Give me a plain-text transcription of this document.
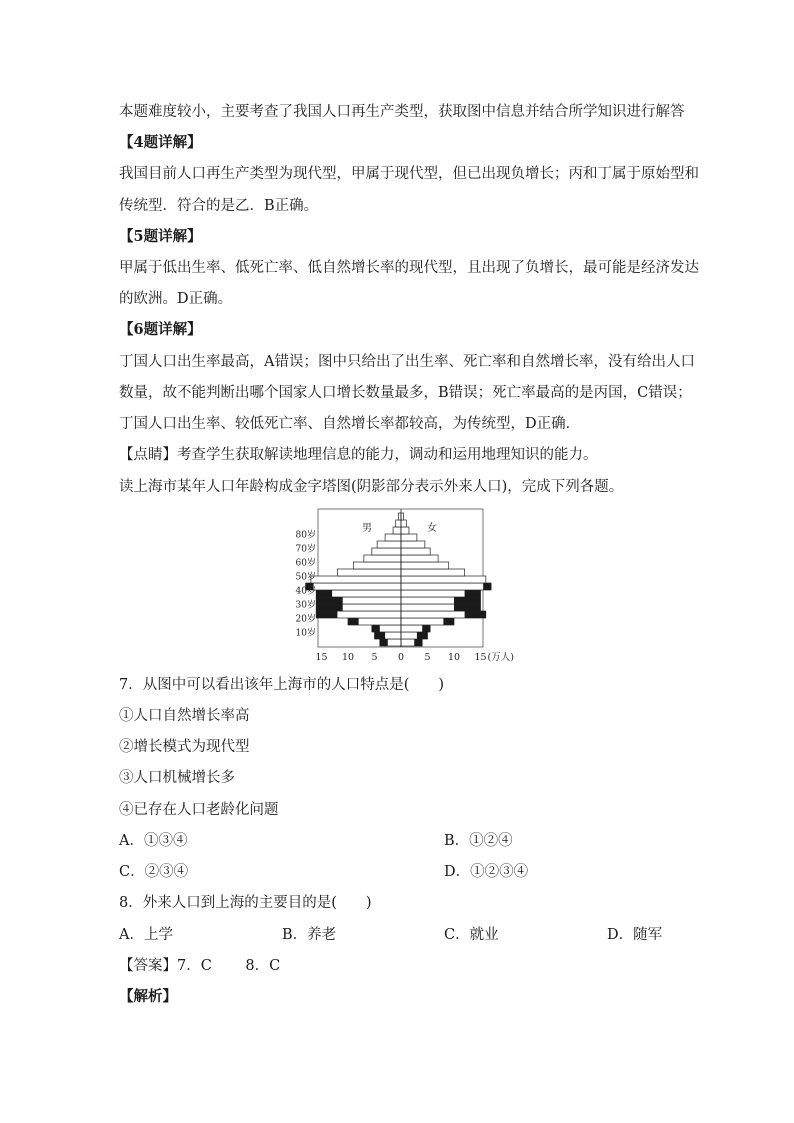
本题难度较小，主要考查了我国人口再生产类型，获取图中信息并结合所学知识进行解答
【4题详解】
我国目前人口再生产类型为现代型，甲属于现代型，但已出现负增长；丙和丁属于原始型和
传统型．符合的是乙．B正确。
【5题详解】
甲属于低出生率、低死亡率、低自然增长率的现代型，且出现了负增长，最可能是经济发达
的欧洲。D正确。
【6题详解】
丁国人口出生率最高，A错误；图中只给出了出生率、死亡率和自然增长率，没有给出人口
数量，故不能判断出哪个国家人口增长数量最多，B错误；死亡率最高的是丙国，C错误；
丁国人口出生率、较低死亡率、自然增长率都较高，为传统型，D正确．
【点睛】考查学生获取解读地理信息的能力，调动和运用地理知识的能力。
读上海市某年人口年龄构成金字塔图(阴影部分表示外来人口)，完成下列各题。
男	女
80岁
70岁
60岁
50岁
40岁
30岁
20岁
10岁
15 10 5 0 5 10 15 (万人)
7．从图中可以看出该年上海市的人口特点是(　　)
①人口自然增长率高
②增长模式为现代型
③人口机械增长多
④已存在人口老龄化问题
A．①③④	B．①②④
C．②③④	D．①②③④
8．外来人口到上海的主要目的是(　　)
A．上学	B．养老	C．就业	D．随军
【答案】7．C　　 8．C
【解析】
